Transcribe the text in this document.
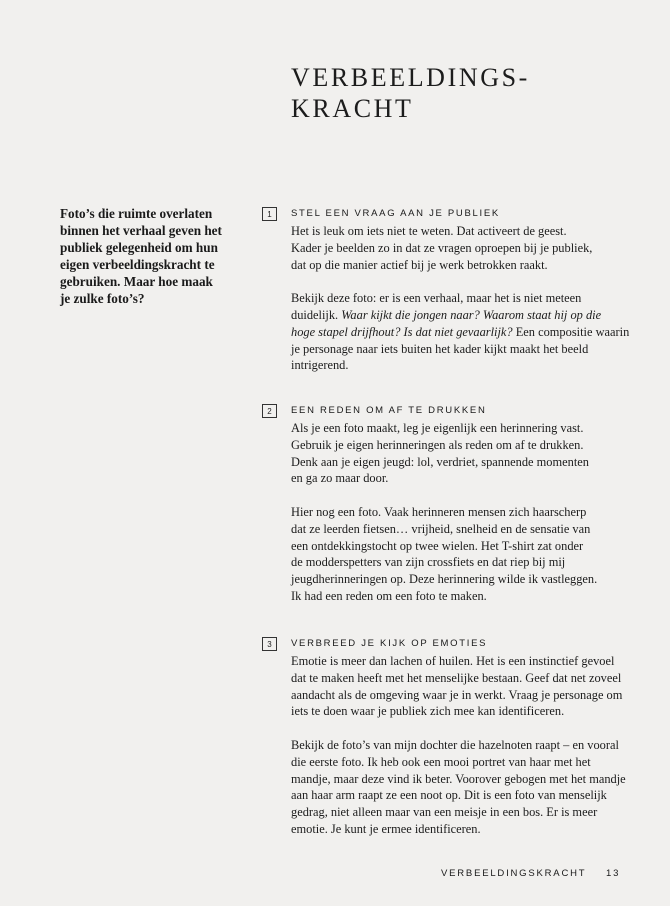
VERBEELDINGS-
KRACHT
Foto’s die ruimte overlaten binnen het verhaal geven het publiek gelegenheid om hun eigen verbeeldingskracht te gebruiken. Maar hoe maak je zulke foto’s?
1	STEL EEN VRAAG AAN JE PUBLIEK

Het is leuk om iets niet te weten. Dat activeert de geest.
Kader je beelden zo in dat ze vragen oproepen bij je publiek,
dat op die manier actief bij je werk betrokken raakt.

Bekijk deze foto: er is een verhaal, maar het is niet meteen
duidelijk. Waar kijkt die jongen naar? Waarom staat hij op die
hoge stapel drijfhout? Is dat niet gevaarlijk? Een compositie waarin
je personage naar iets buiten het kader kijkt maakt het beeld
intrigerend.

2	EEN REDEN OM AF TE DRUKKEN

Als je een foto maakt, leg je eigenlijk een herinnering vast.
Gebruik je eigen herinneringen als reden om af te drukken.
Denk aan je eigen jeugd: lol, verdriet, spannende momenten
en ga zo maar door.

Hier nog een foto. Vaak herinneren mensen zich haarscherp
dat ze leerden fietsen… vrijheid, snelheid en de sensatie van
een ontdekkingstocht op twee wielen. Het T-shirt zat onder
de modderspetters van zijn crossfiets en dat riep bij mij
jeugdherinneringen op. Deze herinnering wilde ik vastleggen.
Ik had een reden om een foto te maken.

3	VERBREED JE KIJK OP EMOTIES

Emotie is meer dan lachen of huilen. Het is een instinctief gevoel
dat te maken heeft met het menselijke bestaan. Geef dat net zoveel
aandacht als de omgeving waar je in werkt. Vraag je personage om
iets te doen waar je publiek zich mee kan identificeren.

Bekijk de foto’s van mijn dochter die hazelnoten raapt – en vooral
die eerste foto. Ik heb ook een mooi portret van haar met het
mandje, maar deze vind ik beter. Voorover gebogen met het mandje
aan haar arm raapt ze een noot op. Dit is een foto van menselijk
gedrag, niet alleen maar van een meisje in een bos. Er is meer
emotie. Je kunt je ermee identificeren.

VERBEELDINGSKRACHT 13
